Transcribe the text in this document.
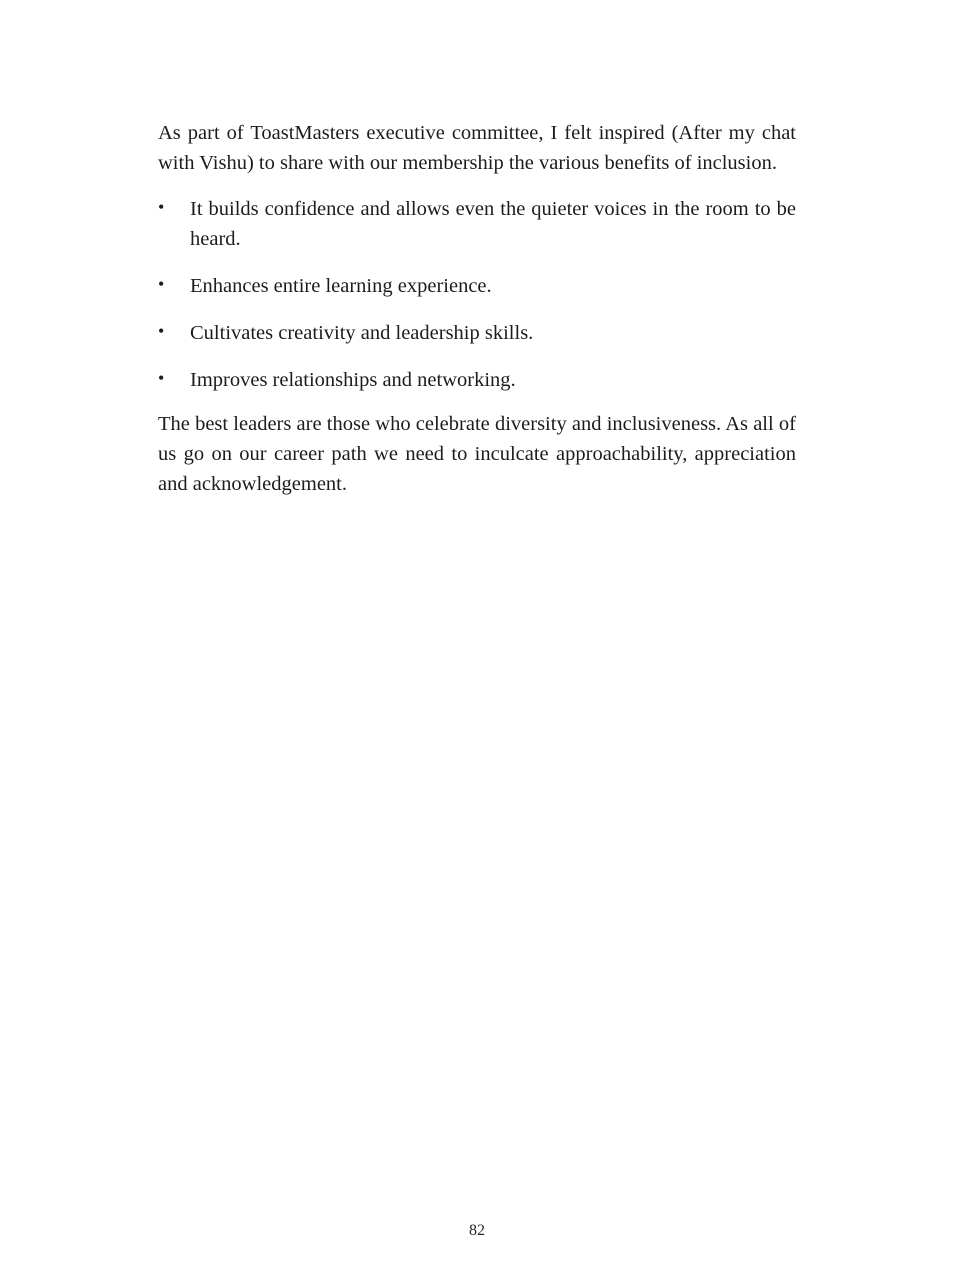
As part of ToastMasters executive committee, I felt inspired (After my chat with Vishu) to share with our membership the various benefits of inclusion.

• It builds confidence and allows even the quieter voices in the room to be heard.
• Enhances entire learning experience.
• Cultivates creativity and leadership skills.
• Improves relationships and networking.

The best leaders are those who celebrate diversity and inclusiveness. As all of us go on our career path we need to inculcate approachability, appreciation and acknowledgement.

82
